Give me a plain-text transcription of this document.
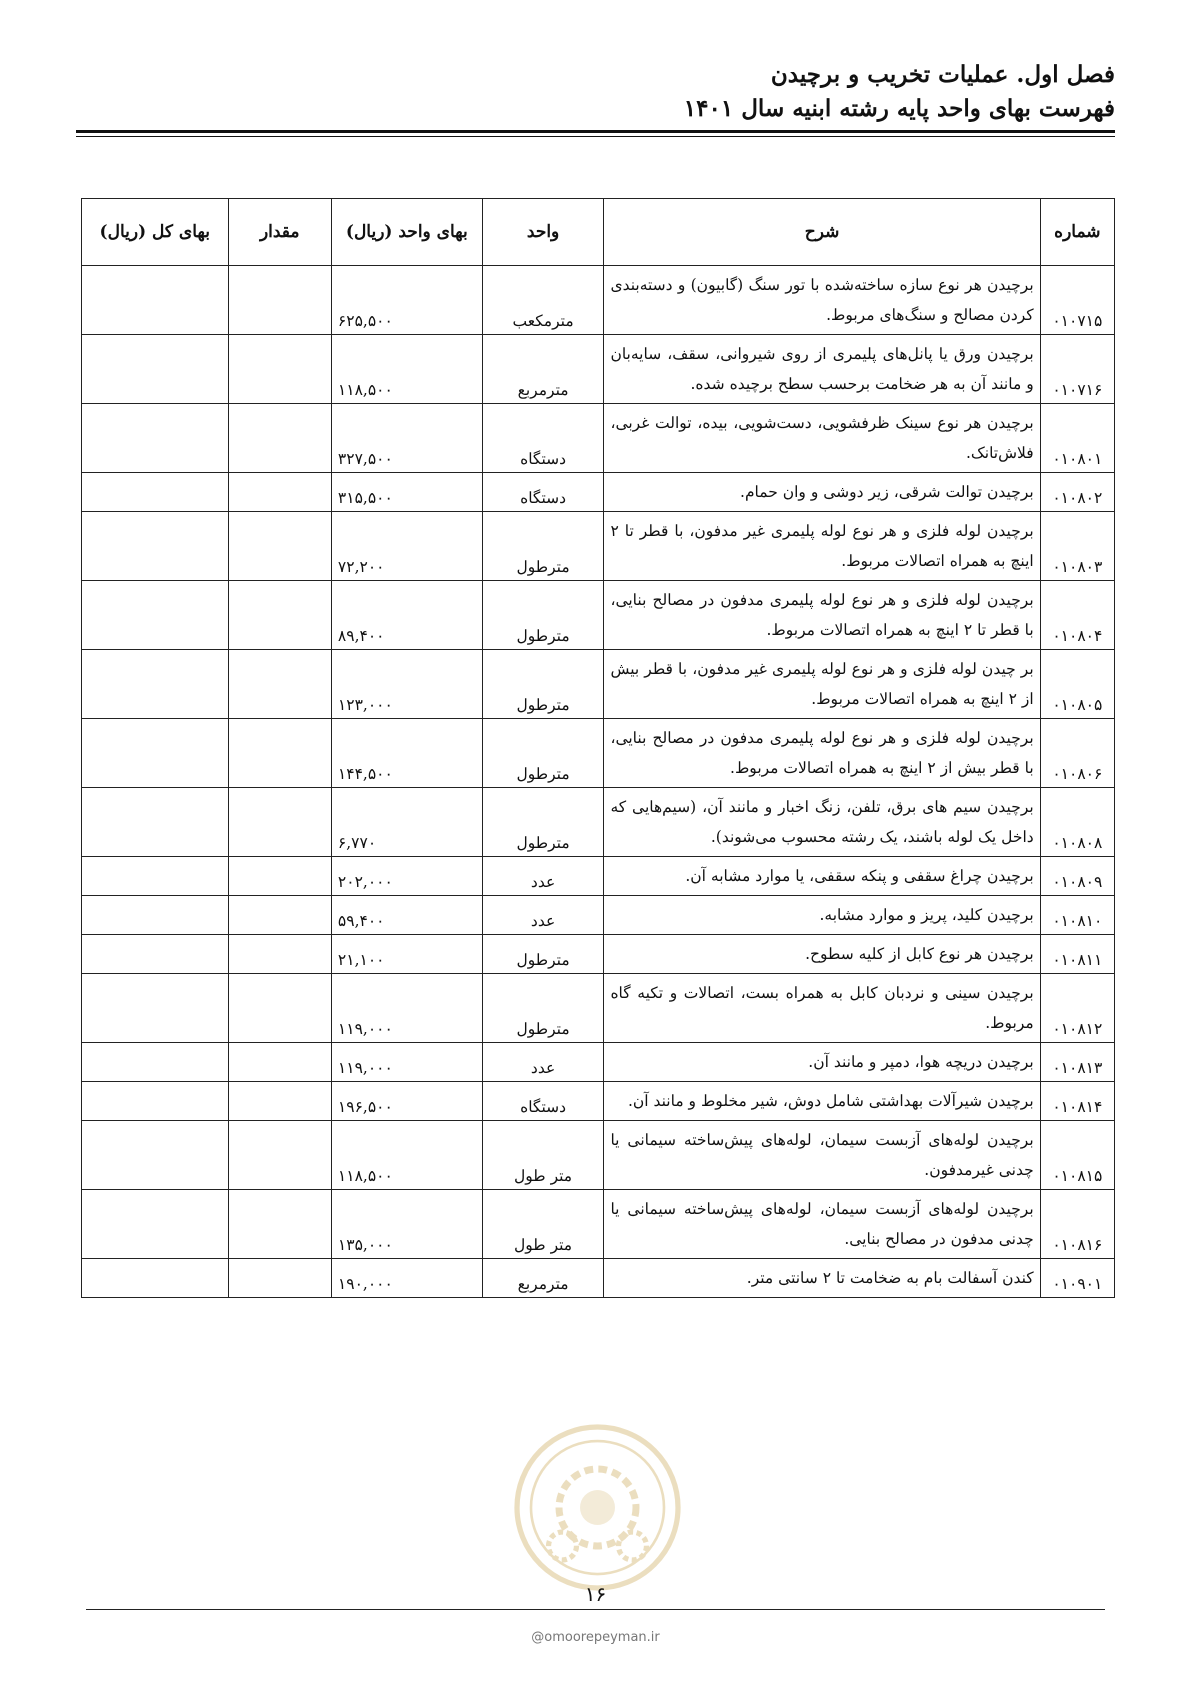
فصل اول. عملیات تخریب و برچیدن
فهرست بهای واحد پایه رشته ابنیه سال ۱۴۰۱
شماره	شرح	واحد	بهای واحد (ریال)	مقدار	بهای کل (ریال)
۰۱۰۷۱۵	برچیدن هر نوع سازه ساخته‌شده با تور سنگ (گابیون) و دسته‌بندی کردن مصالح و سنگ‌های مربوط.	مترمکعب	۶۲۵,۵۰۰		
۰۱۰۷۱۶	برچیدن ورق یا پانل‌های پلیمری از روی شیروانی، سقف، سایه‌بان و مانند آن به هر ضخامت برحسب سطح برچیده شده.	مترمربع	۱۱۸,۵۰۰		
۰۱۰۸۰۱	برچیدن هر نوع سینک ظرفشویی، دست‌شویی، بیده، توالت غربی، فلاش‌تانک.	دستگاه	۳۲۷,۵۰۰		
۰۱۰۸۰۲	برچیدن توالت شرقی، زیر دوشی و وان حمام.	دستگاه	۳۱۵,۵۰۰		
۰۱۰۸۰۳	برچیدن لوله فلزی و هر نوع لوله پلیمری غیر مدفون، با قطر تا ۲ اینچ به همراه اتصالات مربوط.	مترطول	۷۲,۲۰۰		
۰۱۰۸۰۴	برچیدن لوله فلزی و هر نوع لوله پلیمری مدفون در مصالح بنایی، با قطر تا ۲ اینچ به همراه اتصالات مربوط.	مترطول	۸۹,۴۰۰		
۰۱۰۸۰۵	بر چیدن لوله فلزی و هر نوع لوله پلیمری غیر مدفون، با قطر بیش از ۲ اینچ به همراه اتصالات مربوط.	مترطول	۱۲۳,۰۰۰		
۰۱۰۸۰۶	برچیدن لوله فلزی و هر نوع لوله پلیمری مدفون در مصالح بنایی، با قطر بیش از ۲ اینچ به همراه اتصالات مربوط.	مترطول	۱۴۴,۵۰۰		
۰۱۰۸۰۸	برچیدن سیم های برق، تلفن، زنگ اخبار و مانند آن، (سیم‌هایی که داخل یک لوله باشند، یک رشته محسوب می‌شوند).	مترطول	۶,۷۷۰		
۰۱۰۸۰۹	برچیدن چراغ سقفی و پنکه سقفی، یا موارد مشابه آن.	عدد	۲۰۲,۰۰۰		
۰۱۰۸۱۰	برچیدن کلید، پریز و موارد مشابه.	عدد	۵۹,۴۰۰		
۰۱۰۸۱۱	برچیدن هر نوع کابل از کلیه سطوح.	مترطول	۲۱,۱۰۰		
۰۱۰۸۱۲	برچیدن سینی و نردبان کابل به همراه بست، اتصالات و تکیه گاه مربوط.	مترطول	۱۱۹,۰۰۰		
۰۱۰۸۱۳	برچیدن دریچه هوا، دمپر و مانند آن.	عدد	۱۱۹,۰۰۰		
۰۱۰۸۱۴	برچیدن شیرآلات بهداشتی شامل دوش، شیر مخلوط و مانند آن.	دستگاه	۱۹۶,۵۰۰		
۰۱۰۸۱۵	برچیدن لوله‌های آزبست سیمان، لوله‌های پیش‌ساخته سیمانی یا چدنی غیرمدفون.	متر طول	۱۱۸,۵۰۰		
۰۱۰۸۱۶	برچیدن لوله‌های آزبست سیمان، لوله‌های پیش‌ساخته سیمانی یا چدنی مدفون در مصالح بنایی.	متر طول	۱۳۵,۰۰۰		
۰۱۰۹۰۱	کندن آسفالت بام به ضخامت تا ۲ سانتی متر.	مترمربع	۱۹۰,۰۰۰		
۱۶
@omoorepeyman.ir
